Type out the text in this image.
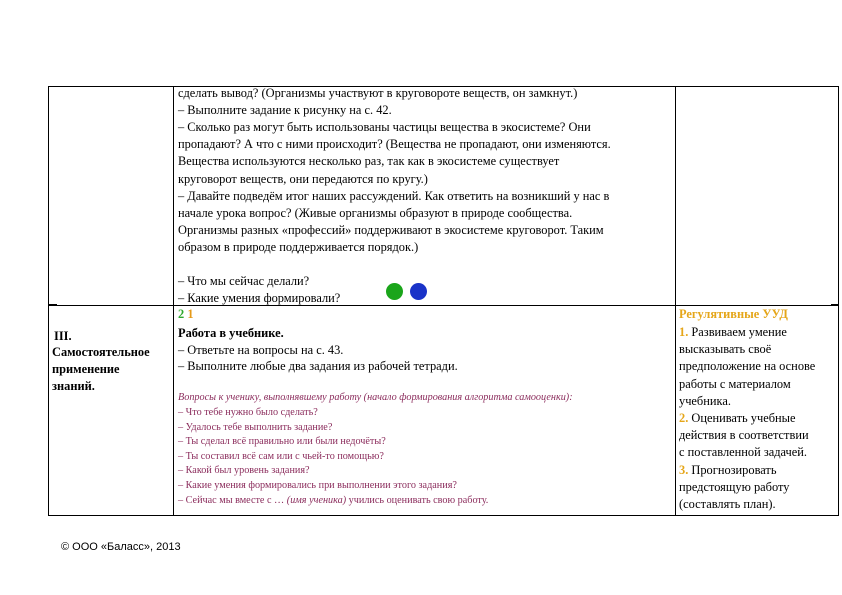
сделать вывод? (Организмы участвуют в круговороте веществ, он замкнут.)
– Выполните задание к рисунку на с. 42.
– Сколько раз могут быть использованы частицы вещества в экосистеме? Они
пропадают? А что с ними происходит? (Вещества не пропадают, они изменяются.
Вещества используются несколько раз, так как в экосистеме существует
круговорот веществ, они передаются по кругу.)
– Давайте подведём итог наших рассуждений. Как ответить на возникший у нас в
начале урока вопрос? (Живые организмы образуют в природе сообщества.
Организмы разных «профессий» поддерживают в экосистеме круговорот. Таким
образом в природе поддерживается порядок.)
– Что мы сейчас делали?
– Какие умения формировали?
III.
Самостоятельное
применение
знаний.
2 1
Работа в учебнике.
– Ответьте на вопросы на с. 43.
– Выполните любые два задания из рабочей тетради.
Вопросы к ученику, выполнявшему работу (начало формирования алгоритма самооценки):
– Что тебе нужно было сделать?
– Удалось тебе выполнить задание?
– Ты сделал всё правильно или были недочёты?
– Ты составил всё сам или с чьей-то помощью?
– Какой был уровень задания?
– Какие умения формировались при выполнении этого задания?
– Сейчас мы вместе с … (имя ученика) учились оценивать свою работу.
Регулятивные УУД
1. Развиваем умение
высказывать своё
предположение на основе
работы с материалом
учебника.
2. Оценивать учебные
действия в соответствии
с поставленной задачей.
3. Прогнозировать
предстоящую работу
(составлять план).
© ООО «Баласс», 2013
